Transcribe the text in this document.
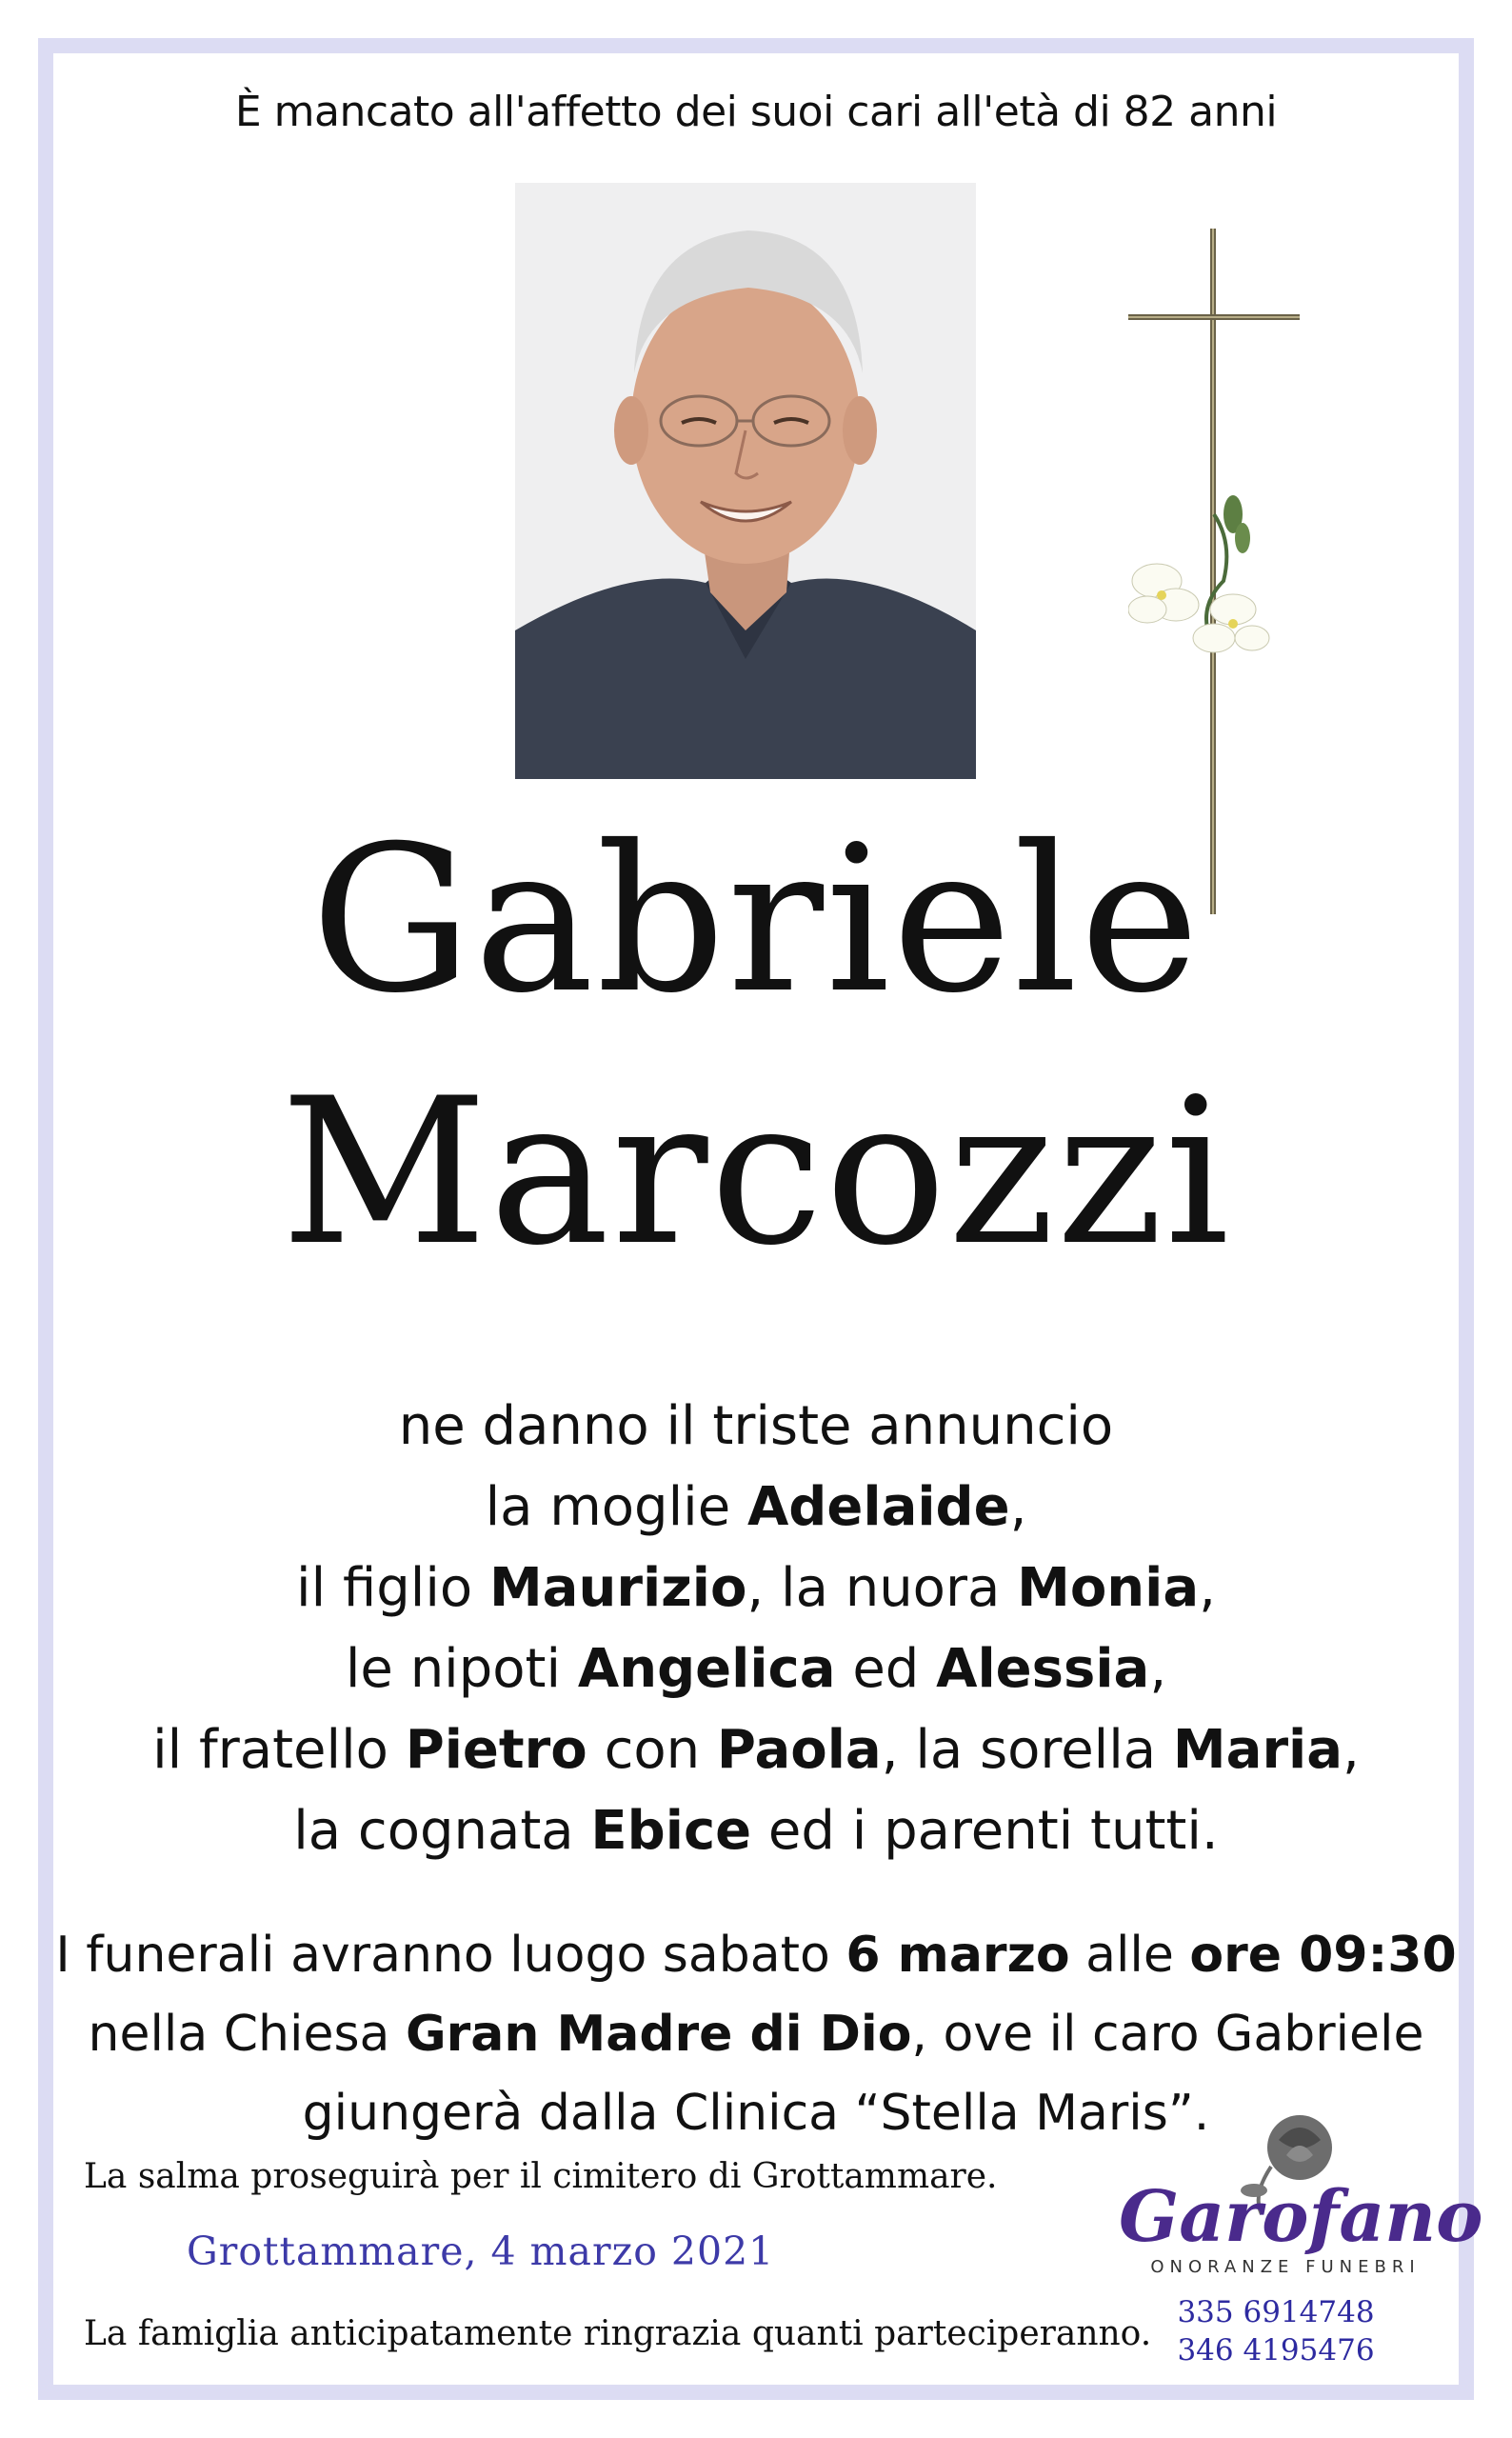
È mancato all'affetto dei suoi cari all'età di 82 anni
Gabriele
Marcozzi
ne danno il triste annuncio
la moglie Adelaide,
il figlio Maurizio, la nuora Monia,
le nipoti Angelica ed Alessia,
il fratello Pietro con Paola, la sorella Maria,
la cognata Ebice ed i parenti tutti.
I funerali avranno luogo sabato 6 marzo alle ore 09:30
nella Chiesa Gran Madre di Dio, ove il caro Gabriele
giungerà dalla Clinica “Stella Maris”.
La salma proseguirà per il cimitero di Grottammare.
Grottammare, 4 marzo 2021
La famiglia anticipatamente ringrazia quanti parteciperanno.
Garofano
ONORANZE FUNEBRI
335 6914748
346 4195476
